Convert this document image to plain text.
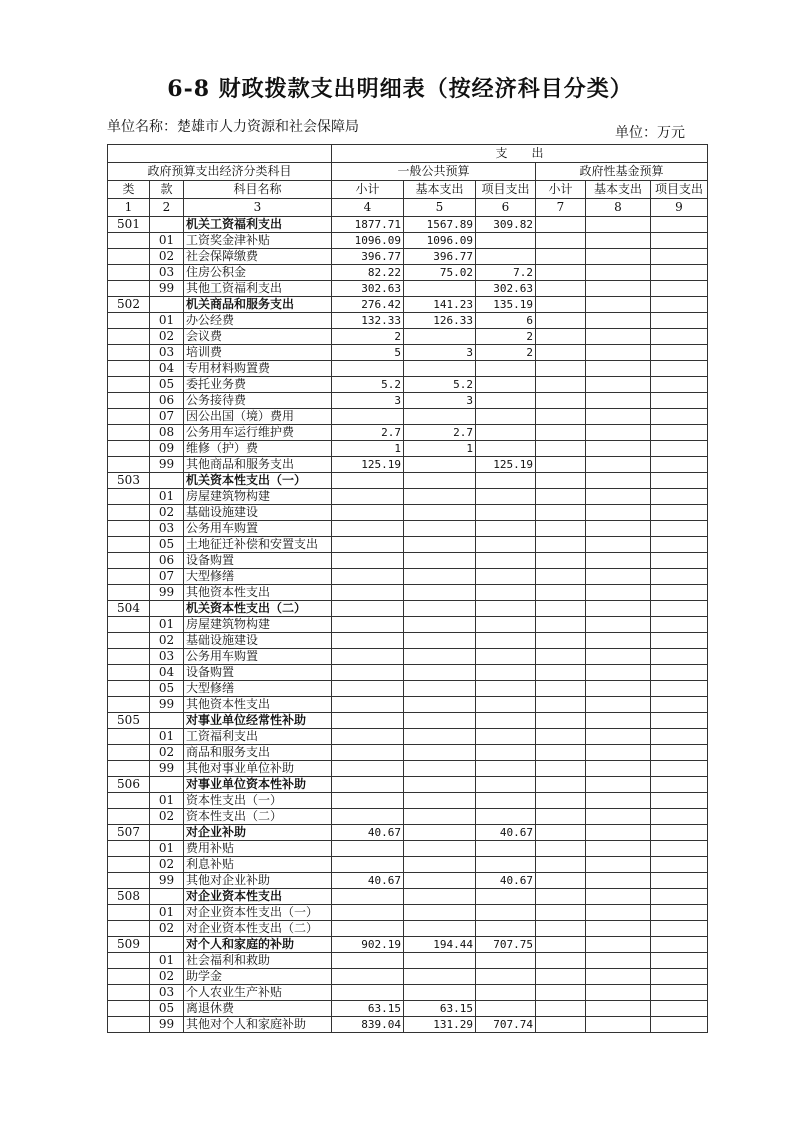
6-8 财政拨款支出明细表（按经济科目分类）
单位名称：楚雄市人力资源和社会保障局	单位：万元
			支　　出					
政府预算支出经济分类科目			一般公共预算			政府性基金预算		
类	款	科目名称	小计	基本支出	项目支出	小计	基本支出	项目支出
1	2	3	4	5	6	7	8	9
501		机关工资福利支出	1877.71	1567.89	309.82			
	01	工资奖金津补贴	1096.09	1096.09				
	02	社会保障缴费	396.77	396.77				
	03	住房公积金	82.22	75.02	7.2			
	99	其他工资福利支出	302.63		302.63			
502		机关商品和服务支出	276.42	141.23	135.19			
	01	办公经费	132.33	126.33	6			
	02	会议费	2		2			
	03	培训费	5	3	2			
	04	专用材料购置费						
	05	委托业务费	5.2	5.2				
	06	公务接待费	3	3				
	07	因公出国（境）费用						
	08	公务用车运行维护费	2.7	2.7				
	09	维修（护）费	1	1				
	99	其他商品和服务支出	125.19		125.19			
503		机关资本性支出（一）						
	01	房屋建筑物构建						
	02	基础设施建设						
	03	公务用车购置						
	05	土地征迁补偿和安置支出						
	06	设备购置						
	07	大型修缮						
	99	其他资本性支出						
504		机关资本性支出（二）						
	01	房屋建筑物构建						
	02	基础设施建设						
	03	公务用车购置						
	04	设备购置						
	05	大型修缮						
	99	其他资本性支出						
505		对事业单位经常性补助						
	01	工资福利支出						
	02	商品和服务支出						
	99	其他对事业单位补助						
506		对事业单位资本性补助						
	01	资本性支出（一）						
	02	资本性支出（二）						
507		对企业补助	40.67		40.67			
	01	费用补贴						
	02	利息补贴						
	99	其他对企业补助	40.67		40.67			
508		对企业资本性支出						
	01	对企业资本性支出（一）						
	02	对企业资本性支出（二）						
509		对个人和家庭的补助	902.19	194.44	707.75			
	01	社会福利和救助						
	02	助学金						
	03	个人农业生产补贴						
	05	离退休费	63.15	63.15				
	99	其他对个人和家庭补助	839.04	131.29	707.74			
